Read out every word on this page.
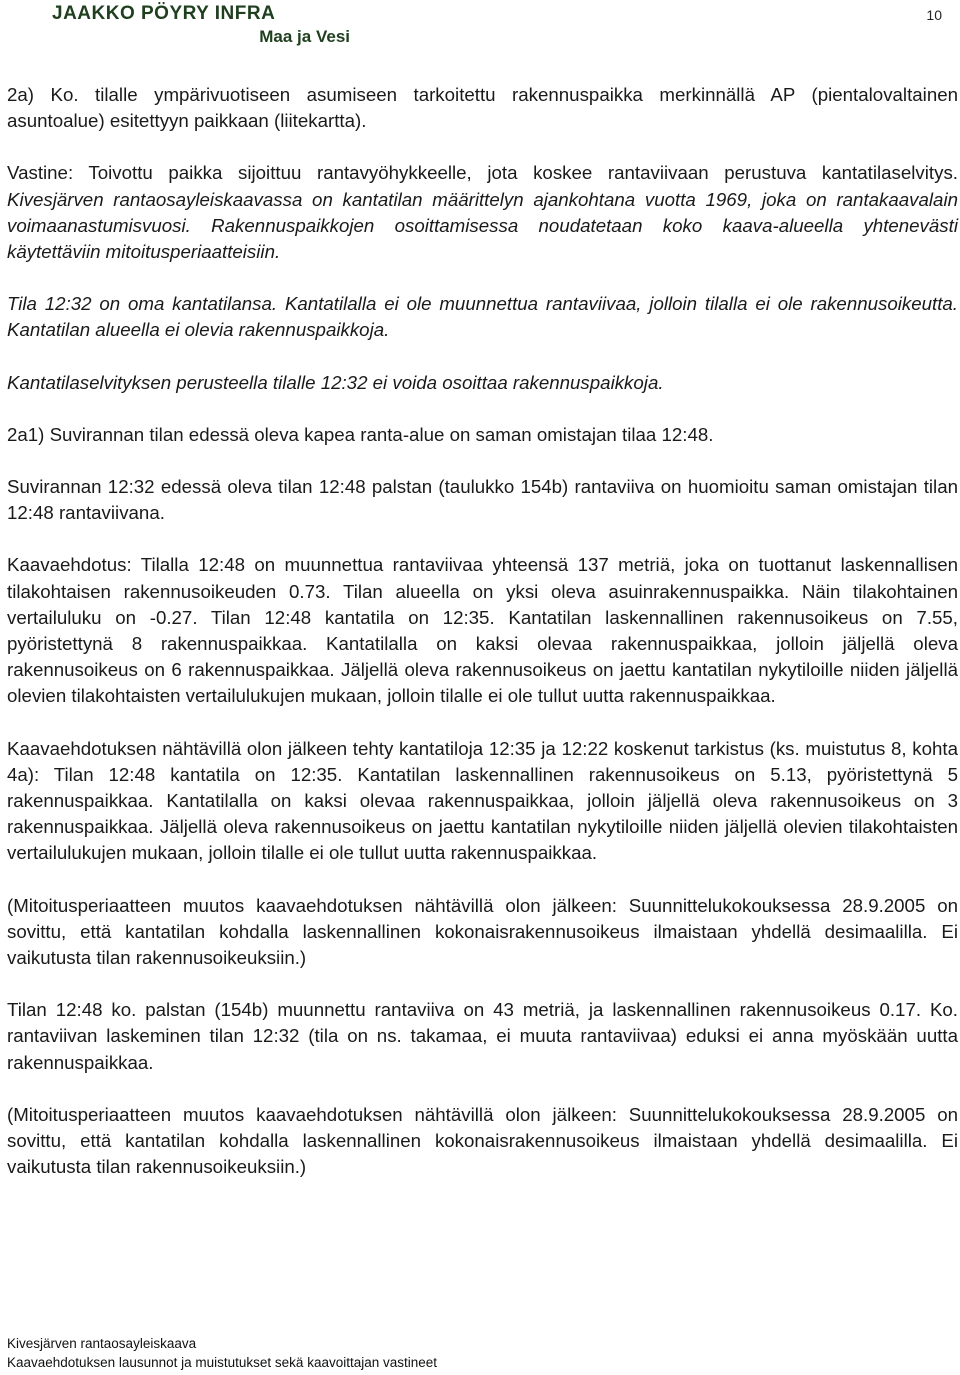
JAAKKO PÖYRY INFRA
Maa ja Vesi
10

2a) Ko. tilalle ympärivuotiseen asumiseen tarkoitettu rakennuspaikka merkinnällä AP (pientalovaltainen asuntoalue) esitettyyn paikkaan (liitekartta).

Vastine: Toivottu paikka sijoittuu rantavyöhykkeelle, jota koskee rantaviivaan perustuva kantatilaselvitys. Kivesjärven rantaosayleiskaavassa on kantatilan määrittelyn ajankohtana vuotta 1969, joka on rantakaavalain voimaanastumisvuosi. Rakennuspaikkojen osoittamisessa noudatetaan koko kaava-alueella yhtenevästi käytettäviin mitoitusperiaatteisiin.

Tila 12:32 on oma kantatilansa. Kantatilalla ei ole muunnettua rantaviivaa, jolloin tilalla ei ole rakennusoikeutta. Kantatilan alueella ei olevia rakennuspaikkoja.

Kantatilaselvityksen perusteella tilalle 12:32 ei voida osoittaa rakennuspaikkoja.

2a1) Suvirannan tilan edessä oleva kapea ranta-alue on saman omistajan tilaa 12:48.

Suvirannan 12:32 edessä oleva tilan 12:48 palstan (taulukko 154b) rantaviiva on huomioitu saman omistajan tilan 12:48 rantaviivana.

Kaavaehdotus: Tilalla 12:48 on muunnettua rantaviivaa yhteensä 137 metriä, joka on tuottanut laskennallisen tilakohtaisen rakennusoikeuden 0.73. Tilan alueella on yksi oleva asuinrakennuspaikka. Näin tilakohtainen vertailuluku on -0.27. Tilan 12:48 kantatila on 12:35. Kantatilan laskennallinen rakennusoikeus on 7.55, pyöristettynä 8 rakennuspaikkaa. Kantatilalla on kaksi olevaa rakennuspaikkaa, jolloin jäljellä oleva rakennusoikeus on 6 rakennuspaikkaa. Jäljellä oleva rakennusoikeus on jaettu kantatilan nykytiloille niiden jäljellä olevien tilakohtaisten vertailulukujen mukaan, jolloin tilalle ei ole tullut uutta rakennuspaikkaa.

Kaavaehdotuksen nähtävillä olon jälkeen tehty kantatiloja 12:35 ja 12:22 koskenut tarkistus (ks. muistutus 8, kohta 4a): Tilan 12:48 kantatila on 12:35. Kantatilan laskennallinen rakennusoikeus on 5.13, pyöristettynä 5 rakennuspaikkaa. Kantatilalla on kaksi olevaa rakennuspaikkaa, jolloin jäljellä oleva rakennusoikeus on 3 rakennuspaikkaa. Jäljellä oleva rakennusoikeus on jaettu kantatilan nykytiloille niiden jäljellä olevien tilakohtaisten vertailulukujen mukaan, jolloin tilalle ei ole tullut uutta rakennuspaikkaa.

(Mitoitusperiaatteen muutos kaavaehdotuksen nähtävillä olon jälkeen: Suunnittelukokouksessa 28.9.2005 on sovittu, että kantatilan kohdalla laskennallinen kokonaisrakennusoikeus ilmaistaan yhdellä desimaalilla. Ei vaikutusta tilan rakennusoikeuksiin.)

Tilan 12:48 ko. palstan (154b) muunnettu rantaviiva on 43 metriä, ja laskennallinen rakennusoikeus 0.17. Ko. rantaviivan laskeminen tilan 12:32 (tila on ns. takamaa, ei muuta rantaviivaa) eduksi ei anna myöskään uutta rakennuspaikkaa.

(Mitoitusperiaatteen muutos kaavaehdotuksen nähtävillä olon jälkeen: Suunnittelukokouksessa 28.9.2005 on sovittu, että kantatilan kohdalla laskennallinen kokonaisrakennusoikeus ilmaistaan yhdellä desimaalilla. Ei vaikutusta tilan rakennusoikeuksiin.)

Kivesjärven rantaosayleiskaava
Kaavaehdotuksen lausunnot ja muistutukset sekä kaavoittajan vastineet
